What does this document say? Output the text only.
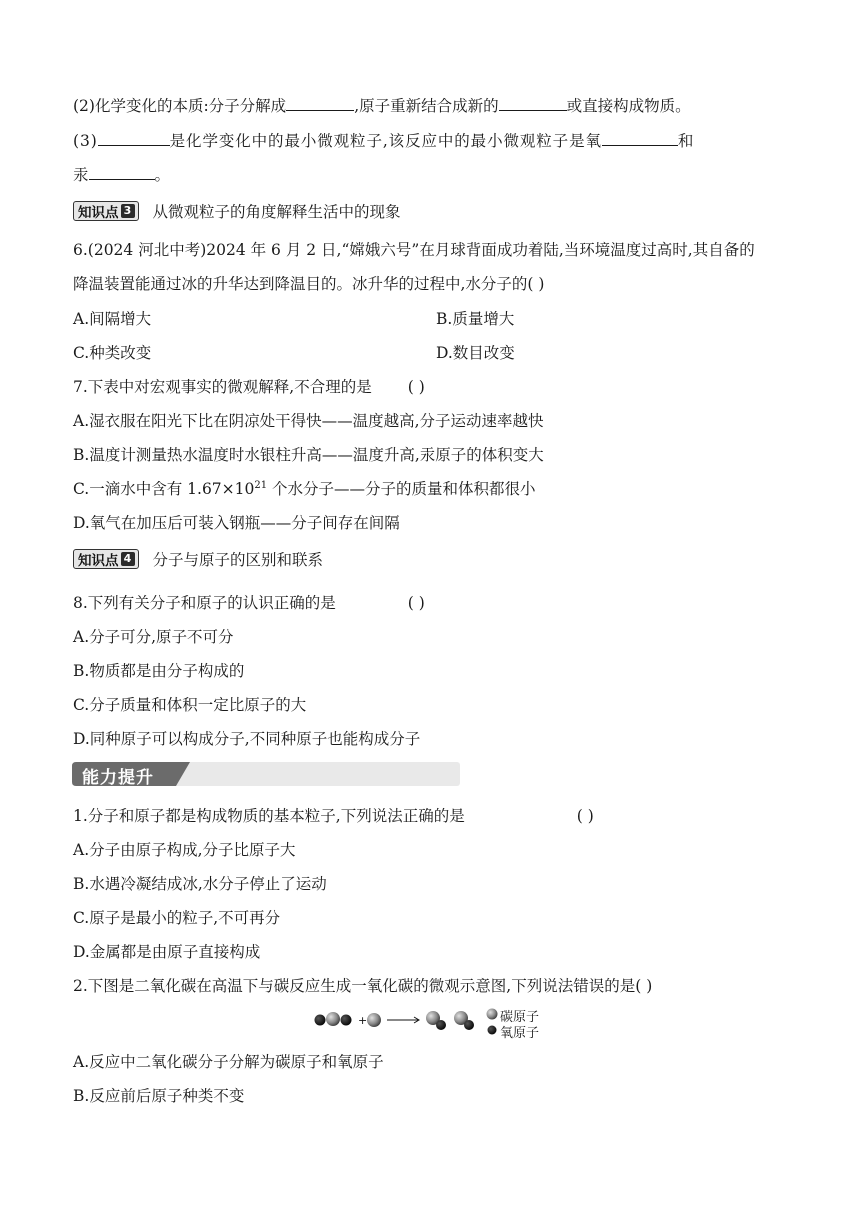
(2)化学变化的本质:分子分解成	,原子重新结合成新的	或直接构成物质。
(3)	是化学变化中的最小微观粒子,该反应中的最小微观粒子是氧	和
汞	。
知识点 3 从微观粒子的角度解释生活中的现象
6.(2024 河北中考)2024 年 6 月 2 日,“嫦娥六号”在月球背面成功着陆,当环境温度过高时,其自备的
降温装置能通过冰的升华达到降温目的。冰升华的过程中,水分子的( )
A.间隔增大	B.质量增大
C.种类改变	D.数目改变
7.下表中对宏观事实的微观解释,不合理的是 ( )
A.湿衣服在阳光下比在阴凉处干得快——温度越高,分子运动速率越快
B.温度计测量热水温度时水银柱升高——温度升高,汞原子的体积变大
C.一滴水中含有 $1.67\times 10^{21}$ 个水分子——分子的质量和体积都很小
D.氧气在加压后可装入钢瓶——分子间存在间隔
知识点 4 分子与原子的区别和联系
8.下列有关分子和原子的认识正确的是	( )
A.分子可分,原子不可分
B.物质都是由分子构成的
C.分子质量和体积一定比原子的大
D.同种原子可以构成分子,不同种原子也能构成分子
能力提升
1.分子和原子都是构成物质的基本粒子,下列说法正确的是	( )
A.分子由原子构成,分子比原子大
B.水遇冷凝结成冰,水分子停止了运动
C.原子是最小的粒子,不可再分
D.金属都是由原子直接构成
2.下图是二氧化碳在高温下与碳反应生成一氧化碳的微观示意图,下列说法错误的是( )
+	碳原子
氧原子
A.反应中二氧化碳分子分解为碳原子和氧原子
B.反应前后原子种类不变
